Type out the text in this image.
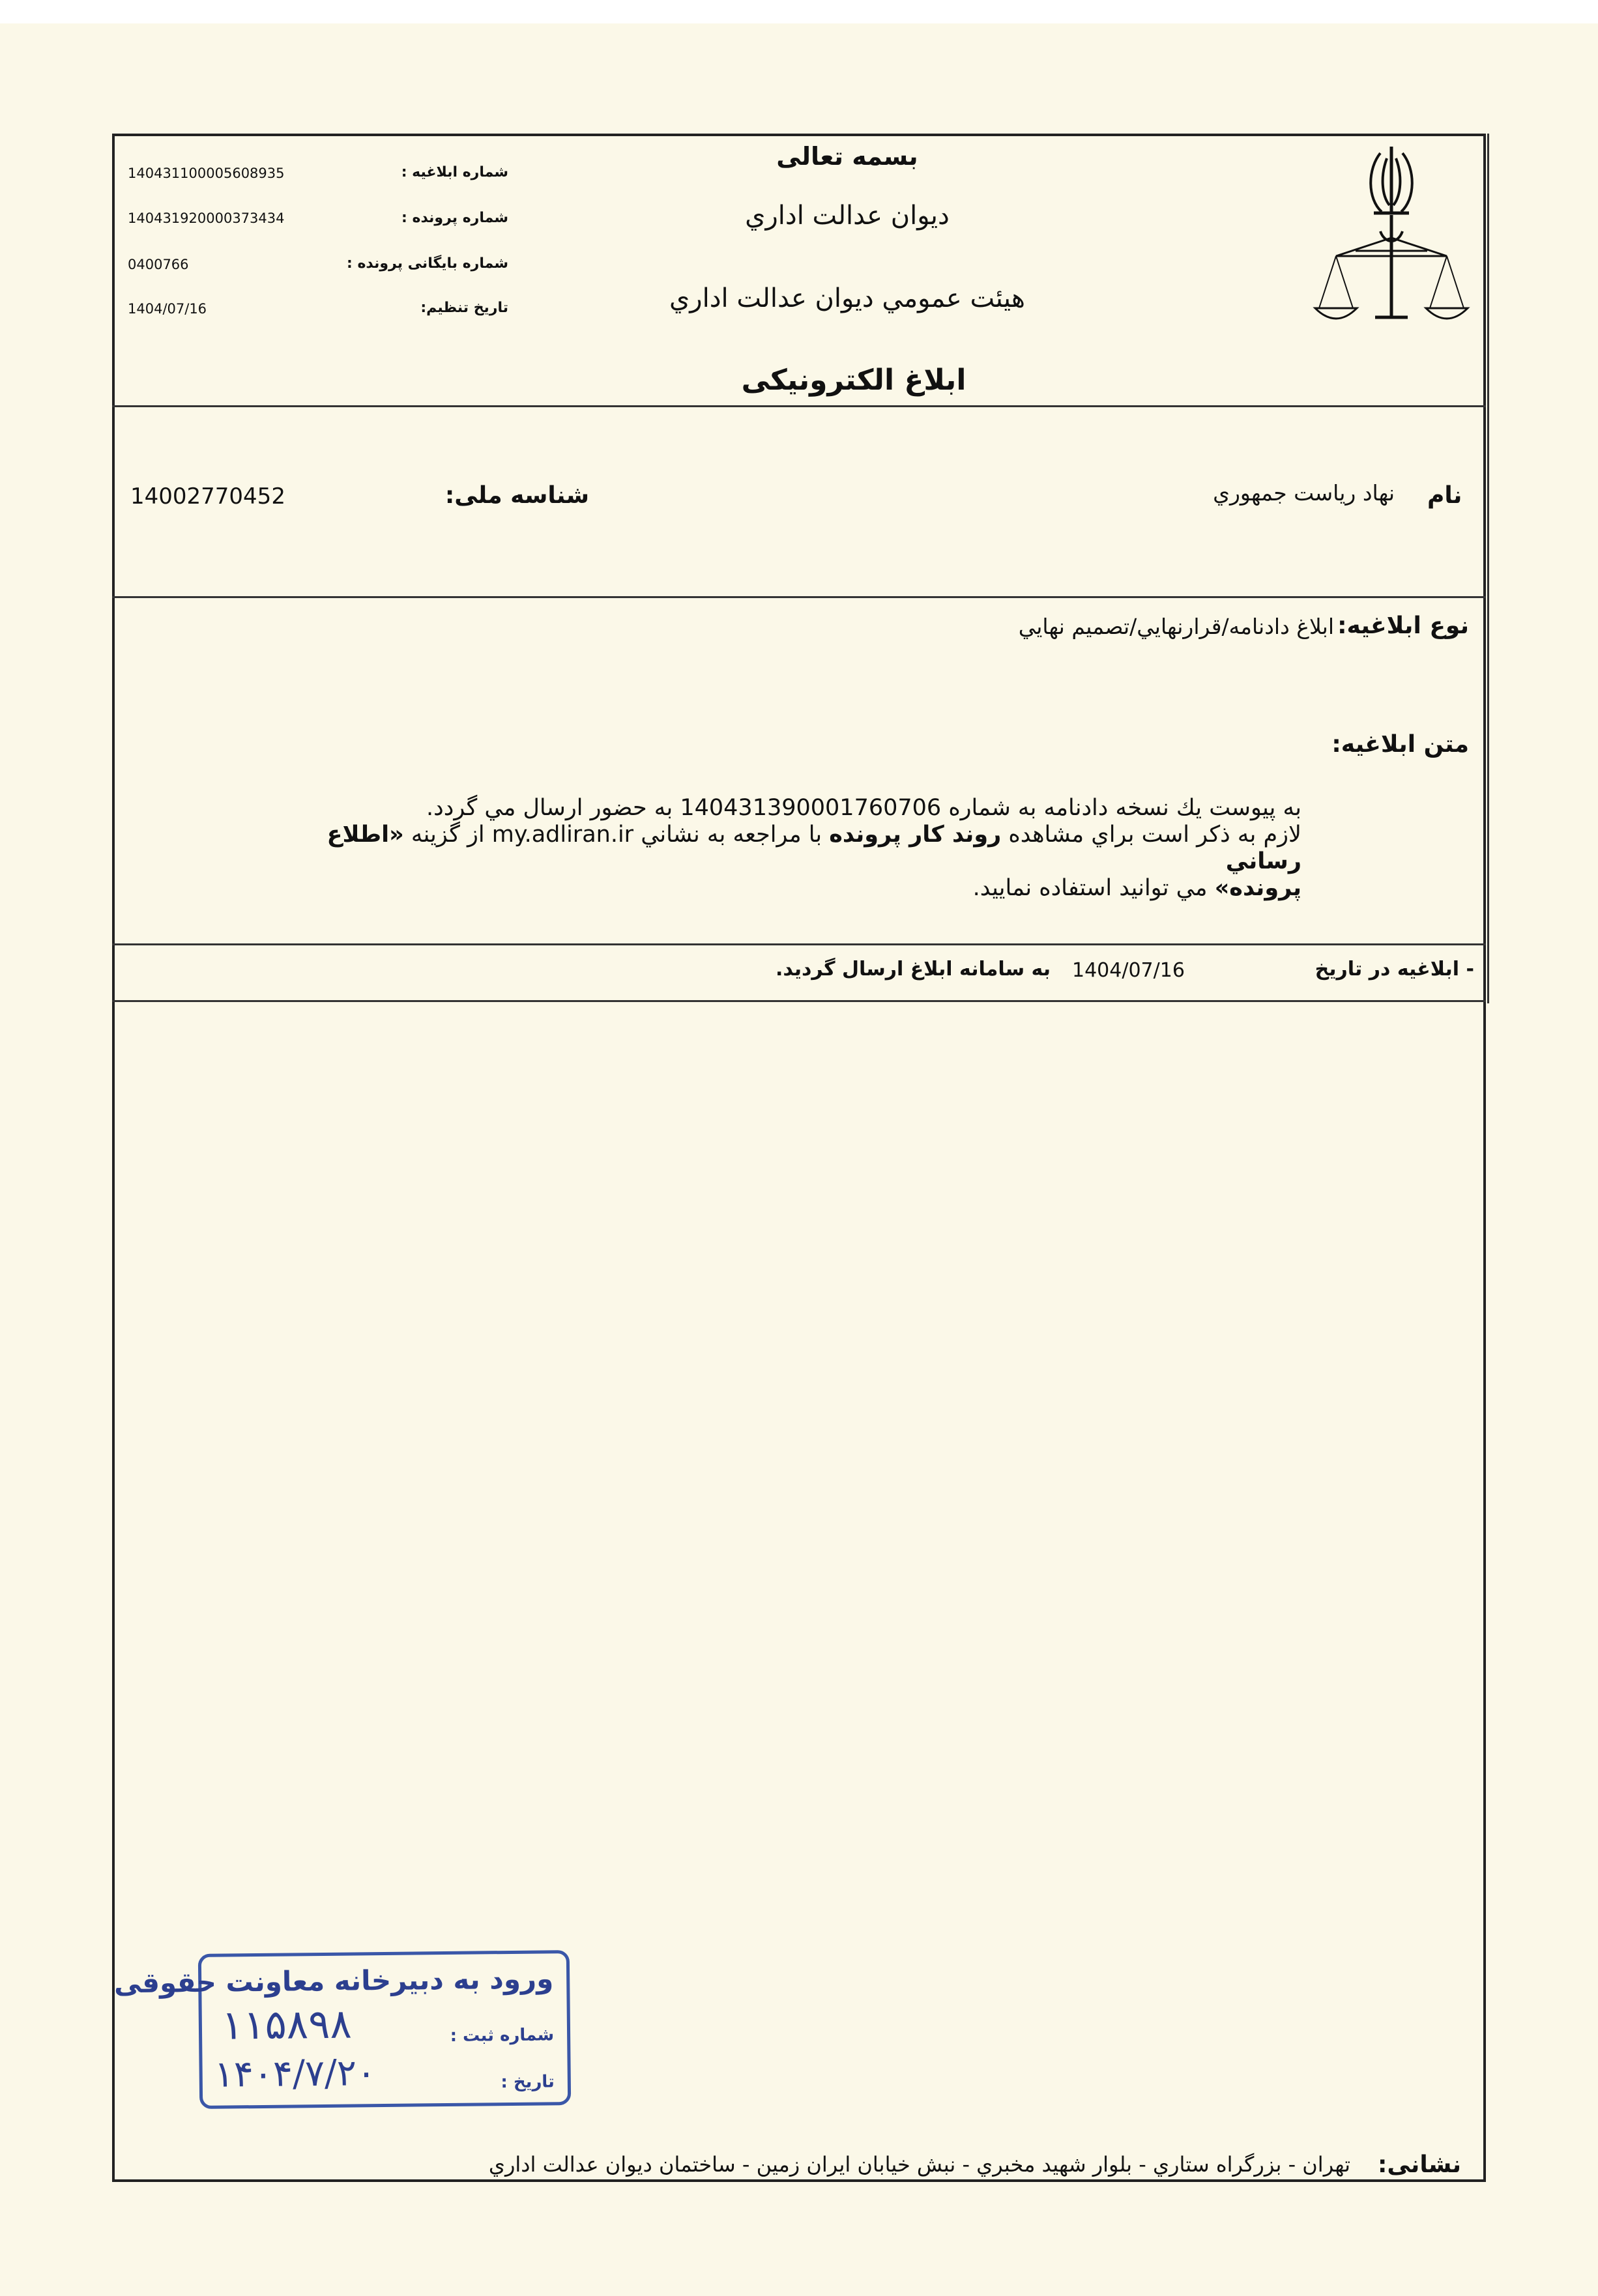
شماره ابلاغیه :
140431100005608935
شماره پرونده :
140431920000373434
شماره بایگانی پرونده :
0400766
تاریخ تنظیم:
1404/07/16
بسمه تعالی
ديوان عدالت اداري
هيئت عمومي ديوان عدالت اداري
ابلاغ الکترونیکی
نام
نهاد رياست جمهوري
شناسه ملی:
14002770452
نوع ابلاغیه:
ابلاغ دادنامه/قرارنهايي/تصميم نهايي
متن ابلاغیه:
به پيوست يك نسخه دادنامه به شماره 140431390001760706 به حضور ارسال مي گردد.
لازم به ذكر است براي مشاهده روند كار پرونده با مراجعه به نشاني my.adliran.ir از گزينه «اطلاع رساني
پرونده» مي توانيد استفاده نماييد.
- ابلاغیه در تاریخ
1404/07/16
به سامانه ابلاغ ارسال گردید.
ورود به دبیرخانه معاونت حقوقی
شماره ثبت :
۱۱۵۸۹۸
تاریخ :
۱۴۰۴/۷/۲۰
نشانی:
تهران - بزرگراه ستاري - بلوار شهيد مخبري - نبش خيابان ايران زمين - ساختمان ديوان عدالت اداري
